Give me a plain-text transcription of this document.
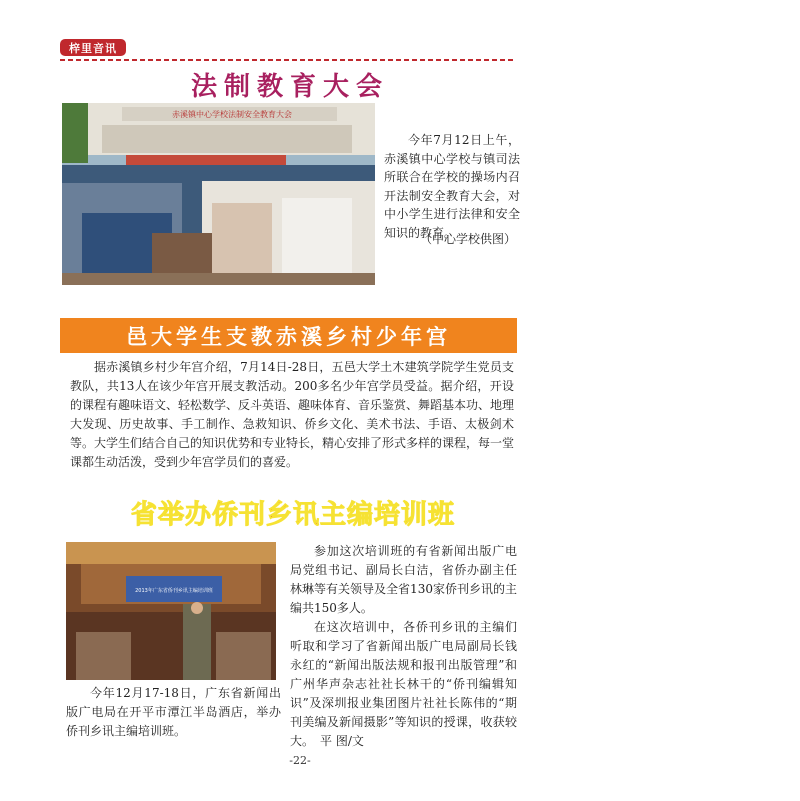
梓里音讯
法制教育大会
赤溪镇中心学校法制安全教育大会

今年7月12日上午，赤溪镇中心学校与镇司法所联合在学校的操场内召开法制安全教育大会，对中小学生进行法律和安全知识的教育。

（中心学校供图）
邑大学生支教赤溪乡村少年宫

据赤溪镇乡村少年宫介绍，7月14日-28日，五邑大学土木建筑学院学生党员支教队，共13人在该少年宫开展支教活动。200多名少年宫学员受益。据介绍，开设的课程有趣味语文、轻松数学、反斗英语、趣味体育、音乐鉴赏、舞蹈基本功、地理大发现、历史故事、手工制作、急救知识、侨乡文化、美术书法、手语、太极剑术等。大学生们结合自己的知识优势和专业特长，精心安排了形式多样的课程，每一堂课都生动活泼，受到少年宫学员们的喜爱。

省举办侨刊乡讯主编培训班
2013年广东省侨刊乡讯主编培训班

今年12月17-18日，广东省新闻出版广电局在开平市潭江半岛酒店，举办侨刊乡讯主编培训班。

参加这次培训班的有省新闻出版广电局党组书记、副局长白洁，省侨办副主任林琳等有关领导及全省130家侨刊乡讯的主编共150多人。

在这次培训中，各侨刊乡讯的主编们听取和学习了省新闻出版广电局副局长钱永红的“新闻出版法规和报刊出版管理”和广州华声杂志社社长林干的“侨刊编辑知识”及深圳报业集团图片社社长陈伟的“期刊美编及新闻摄影”等知识的授课，收获较大。　平 图/文

-22-
